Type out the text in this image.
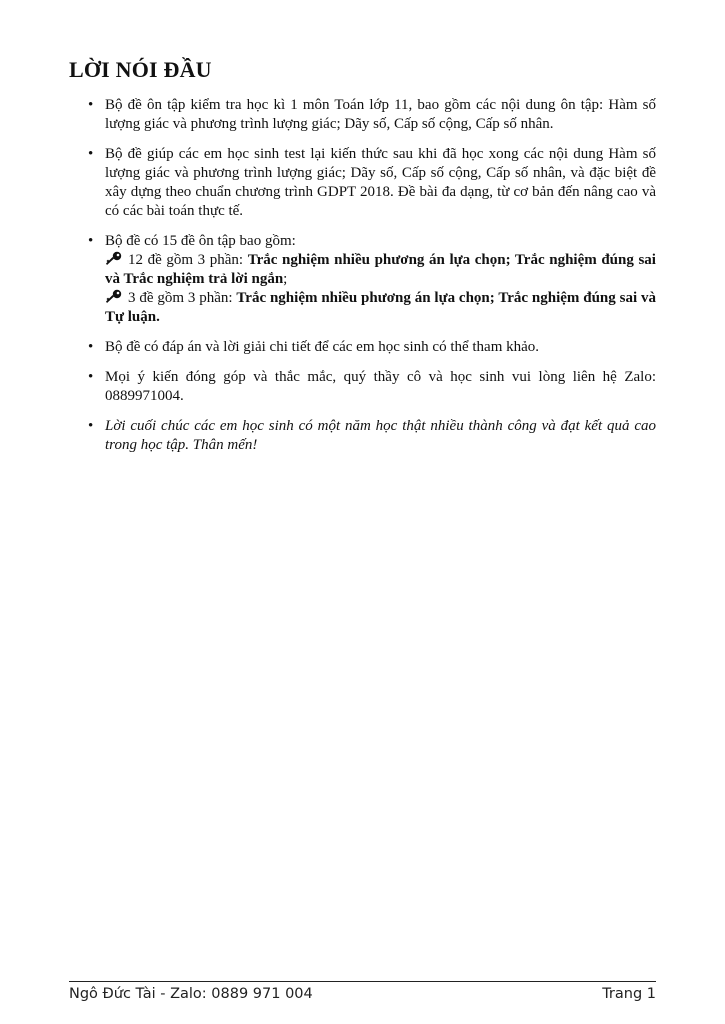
LỜI NÓI ĐẦU
• Bộ đề ôn tập kiểm tra học kì 1 môn Toán lớp 11, bao gồm các nội dung ôn tập: Hàm số lượng giác và phương trình lượng giác; Dãy số, Cấp số cộng, Cấp số nhân.
• Bộ đề giúp các em học sinh test lại kiến thức sau khi đã học xong các nội dung Hàm số lượng giác và phương trình lượng giác; Dãy số, Cấp số cộng, Cấp số nhân, và đặc biệt đề xây dựng theo chuẩn chương trình GDPT 2018. Đề bài đa dạng, từ cơ bản đến nâng cao và có các bài toán thực tế.
• Bộ đề có 15 đề ôn tập bao gồm:
12 đề gồm 3 phần: Trắc nghiệm nhiều phương án lựa chọn; Trắc nghiệm đúng sai và Trắc nghiệm trả lời ngắn;
3 đề gồm 3 phần: Trắc nghiệm nhiều phương án lựa chọn; Trắc nghiệm đúng sai và Tự luận.
• Bộ đề có đáp án và lời giải chi tiết để các em học sinh có thể tham khảo.
• Mọi ý kiến đóng góp và thắc mắc, quý thầy cô và học sinh vui lòng liên hệ Zalo: 0889971004.
• Lời cuối chúc các em học sinh có một năm học thật nhiều thành công và đạt kết quả cao trong học tập. Thân mến!
Ngô Đức Tài - Zalo: 0889 971 004	Trang 1
